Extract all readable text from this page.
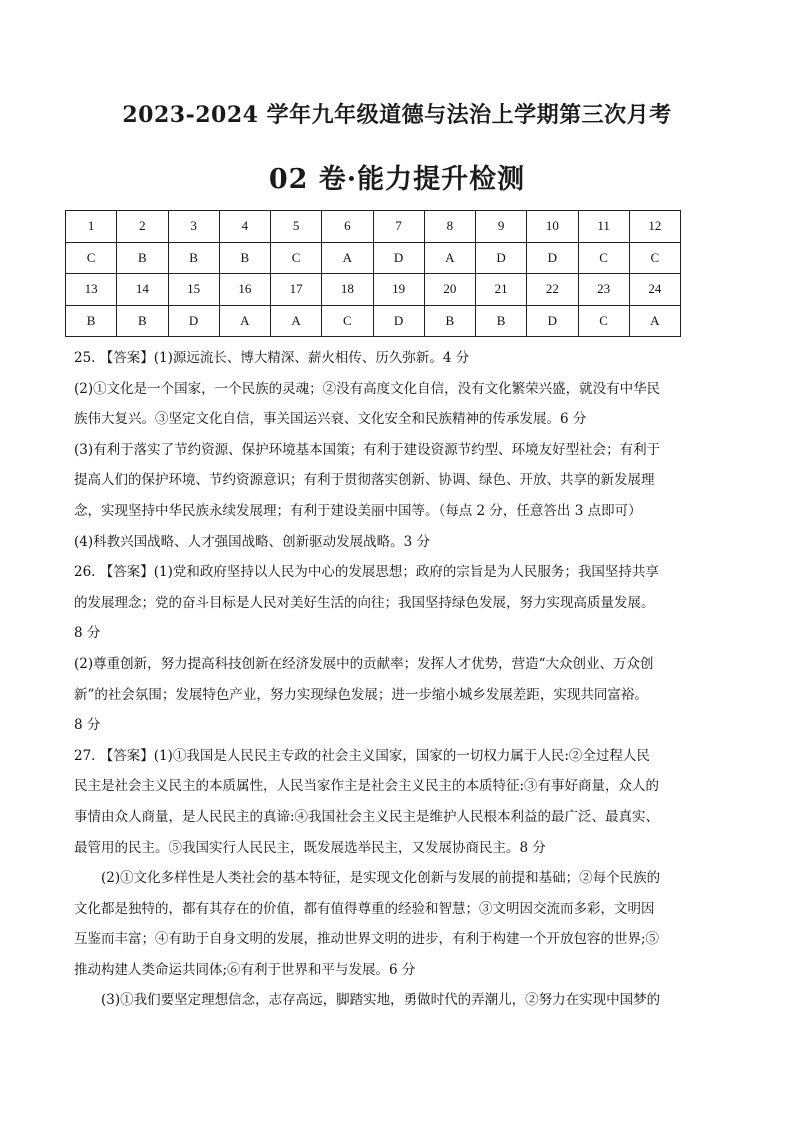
2023-2024 学年九年级道德与法治上学期第三次月考
02 卷·能力提升检测
1	2	3	4	5	6	7	8	9	10	11	12
C	B	B	B	C	A	D	A	D	D	C	C
13	14	15	16	17	18	19	20	21	22	23	24
B	B	D	A	A	C	D	B	B	D	C	A
25. 【答案】(1)源远流长、博大精深、薪火相传、历久弥新。4 分
(2)①文化是一个国家，一个民族的灵魂；②没有高度文化自信，没有文化繁荣兴盛，就没有中华民
族伟大复兴。③坚定文化自信，事关国运兴衰、文化安全和民族精神的传承发展。6 分
(3)有利于落实了节约资源、保护环境基本国策；有利于建设资源节约型、环境友好型社会；有利于
提高人们的保护环境、节约资源意识；有利于贯彻落实创新、协调、绿色、开放、共享的新发展理
念，实现坚持中华民族永续发展理；有利于建设美丽中国等。（每点 2 分，任意答出 3 点即可）
(4)科教兴国战略、人才强国战略、创新驱动发展战略。3 分
26. 【答案】(1)党和政府坚持以人民为中心的发展思想；政府的宗旨是为人民服务；我国坚持共享
的发展理念；党的奋斗目标是人民对美好生活的向往；我国坚持绿色发展，努力实现高质量发展。
8 分
(2)尊重创新，努力提高科技创新在经济发展中的贡献率；发挥人才优势，营造“大众创业、万众创
新”的社会氛围；发展特色产业，努力实现绿色发展；进一步缩小城乡发展差距，实现共同富裕。
8 分
27. 【答案】(1)①我国是人民民主专政的社会主义国家，国家的一切权力属于人民:②全过程人民
民主是社会主义民主的本质属性，人民当家作主是社会主义民主的本质特征:③有事好商量，众人的
事情由众人商量，是人民民主的真谛:④我国社会主义民主是维护人民根本利益的最广泛、最真实、
最管用的民主。⑤我国实行人民民主，既发展选举民主，又发展协商民主。8 分
(2)①文化多样性是人类社会的基本特征，是实现文化创新与发展的前提和基础；②每个民族的
文化都是独特的，都有其存在的价值，都有值得尊重的经验和智慧；③文明因交流而多彩，文明因
互鉴而丰富；④有助于自身文明的发展，推动世界文明的进步，有利于构建一个开放包容的世界;⑤
推动构建人类命运共同体;⑥有利于世界和平与发展。6 分
(3)①我们要坚定理想信念，志存高远，脚踏实地，勇做时代的弄潮儿，②努力在实现中国梦的
